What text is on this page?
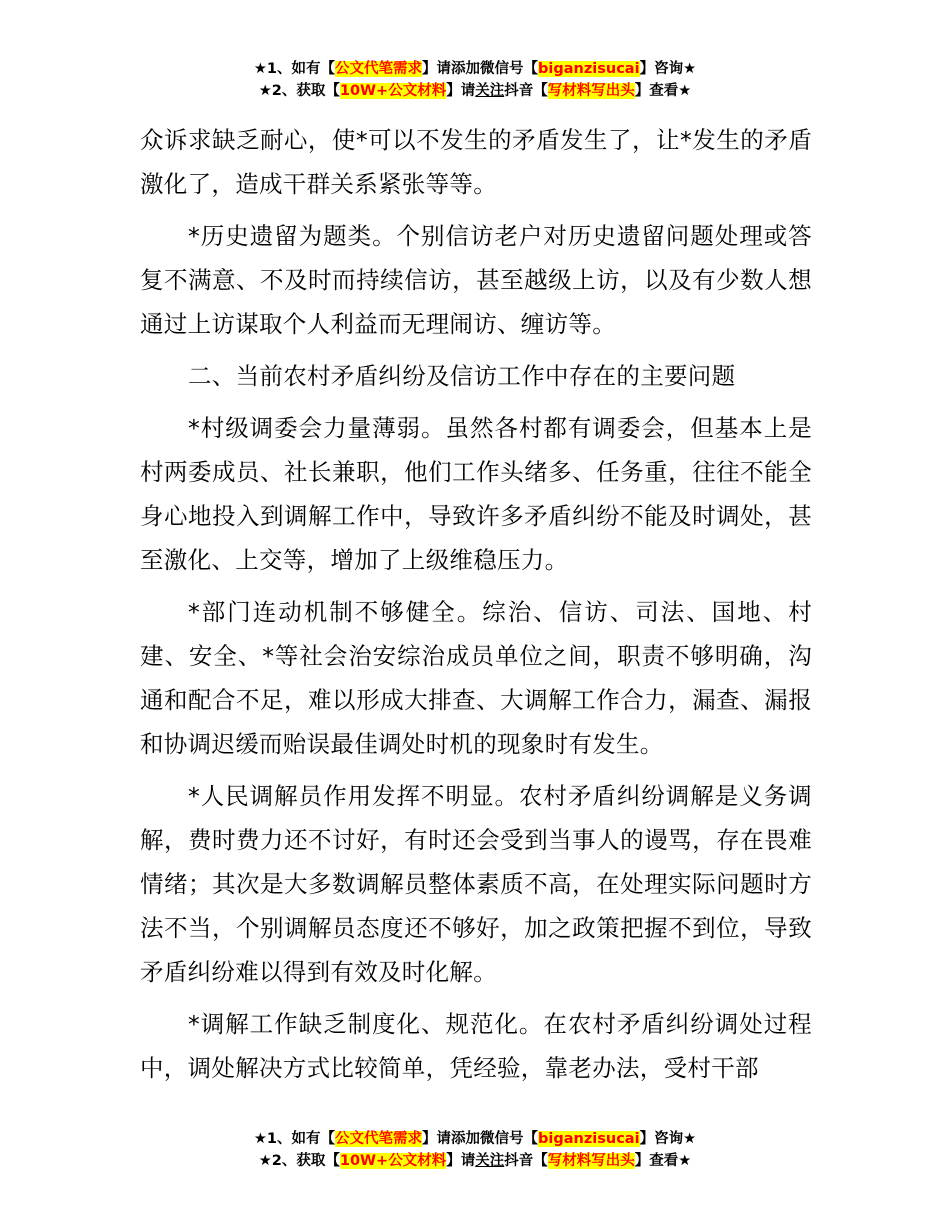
★1、如有【公文代笔需求】请添加微信号【biganzisucai】咨询★
★2、获取【10W+公文材料】请关注抖音【写材料写出头】查看★

众诉求缺乏耐心，使*可以不发生的矛盾发生了，让*发生的矛盾激化了，造成干群关系紧张等等。

*历史遗留为题类。个别信访老户对历史遗留问题处理或答复不满意、不及时而持续信访，甚至越级上访，以及有少数人想通过上访谋取个人利益而无理闹访、缠访等。

二、当前农村矛盾纠纷及信访工作中存在的主要问题

*村级调委会力量薄弱。虽然各村都有调委会，但基本上是村两委成员、社长兼职，他们工作头绪多、任务重，往往不能全身心地投入到调解工作中，导致许多矛盾纠纷不能及时调处，甚至激化、上交等，增加了上级维稳压力。

*部门连动机制不够健全。综治、信访、司法、国地、村建、安全、*等社会治安综治成员单位之间，职责不够明确，沟通和配合不足，难以形成大排查、大调解工作合力，漏查、漏报和协调迟缓而贻误最佳调处时机的现象时有发生。

*人民调解员作用发挥不明显。农村矛盾纠纷调解是义务调解，费时费力还不讨好，有时还会受到当事人的谩骂，存在畏难情绪；其次是大多数调解员整体素质不高，在处理实际问题时方法不当，个别调解员态度还不够好，加之政策把握不到位，导致矛盾纠纷难以得到有效及时化解。

*调解工作缺乏制度化、规范化。在农村矛盾纠纷调处过程中，调处解决方式比较简单，凭经验，靠老办法，受村干部

★1、如有【公文代笔需求】请添加微信号【biganzisucai】咨询★
★2、获取【10W+公文材料】请关注抖音【写材料写出头】查看★
